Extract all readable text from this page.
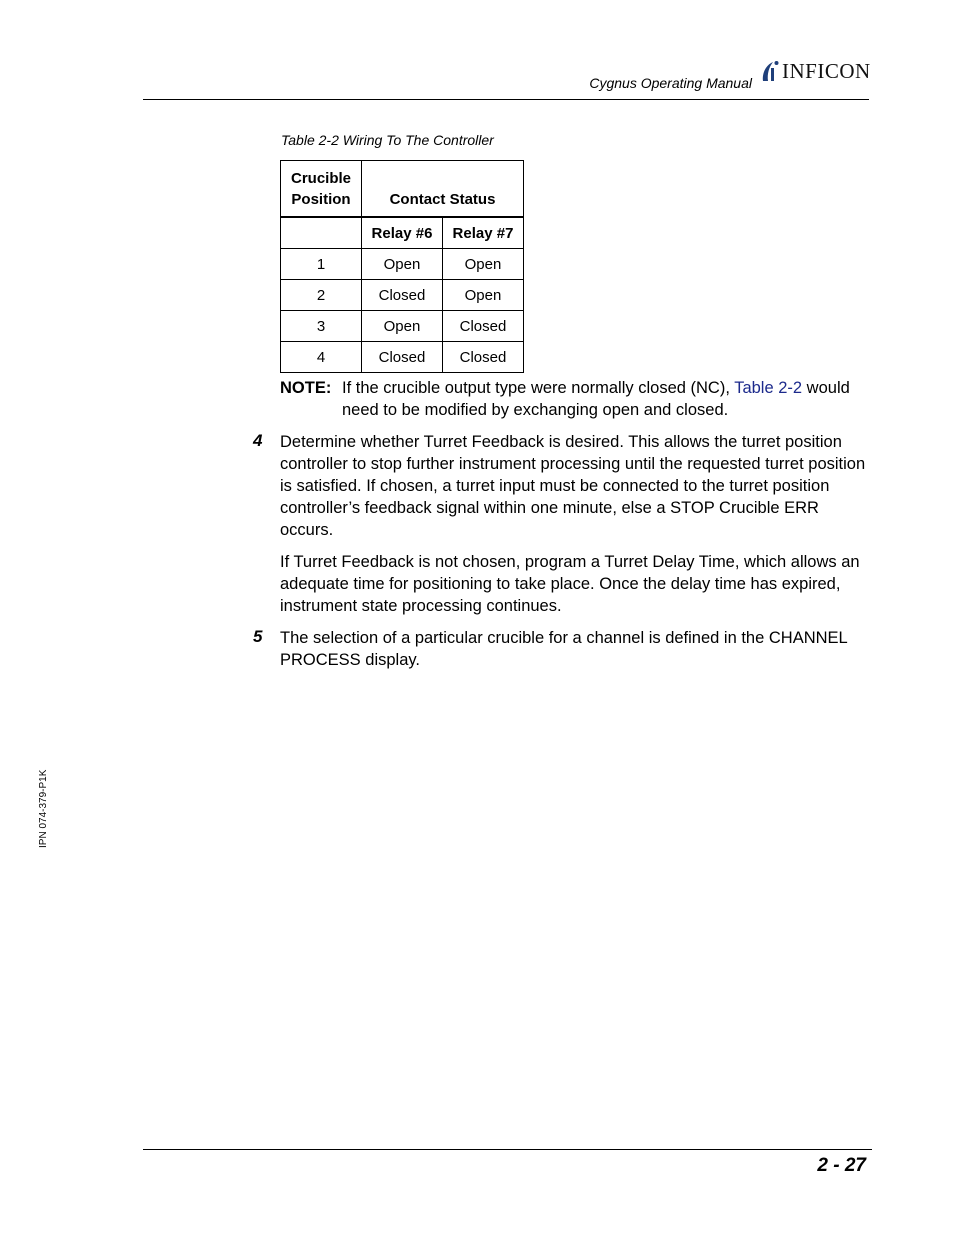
Cygnus Operating Manual
INFICON
Table 2-2 Wiring To The Controller
Crucible Position	Contact Status	
	Relay #6	Relay #7
1	Open	Open
2	Closed	Open
3	Open	Closed
4	Closed	Closed
NOTE: If the crucible output type were normally closed (NC), Table 2-2 would need to be modified by exchanging open and closed.
4 Determine whether Turret Feedback is desired. This allows the turret position controller to stop further instrument processing until the requested turret position is satisfied. If chosen, a turret input must be connected to the turret position controller’s feedback signal within one minute, else a STOP Crucible ERR occurs.
If Turret Feedback is not chosen, program a Turret Delay Time, which allows an adequate time for positioning to take place. Once the delay time has expired, instrument state processing continues.
5 The selection of a particular crucible for a channel is defined in the CHANNEL PROCESS display.
IPN 074-379-P1K
2 - 27
